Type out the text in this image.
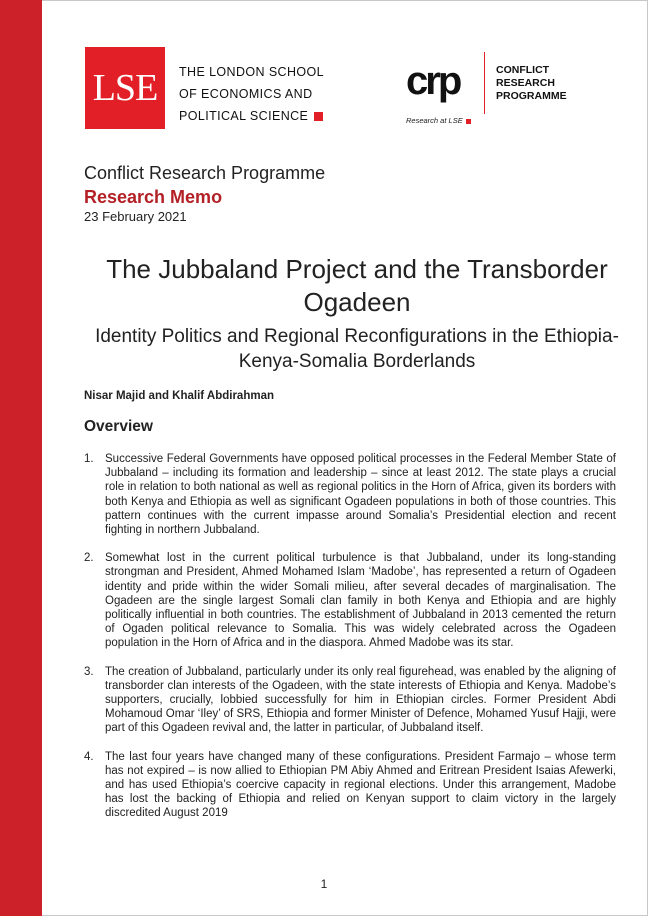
LSE THE LONDON SCHOOL
OF ECONOMICS AND
POLITICAL SCIENCE
crp	CONFLICT
RESEARCH
PROGRAMME
Research at LSE
Conflict Research Programme
Research Memo
23 February 2021
The Jubbaland Project and the Transborder Ogadeen
Identity Politics and Regional Reconfigurations in the Ethiopia-Kenya-Somalia Borderlands
Nisar Majid and Khalif Abdirahman
Overview
1. Successive Federal Governments have opposed political processes in the Federal Member State of Jubbaland – including its formation and leadership – since at least 2012. The state plays a crucial role in relation to both national as well as regional politics in the Horn of Africa, given its borders with both Kenya and Ethiopia as well as significant Ogadeen populations in both of those countries. This pattern continues with the current impasse around Somalia’s Presidential election and recent fighting in northern Jubbaland.
2. Somewhat lost in the current political turbulence is that Jubbaland, under its long-standing strongman and President, Ahmed Mohamed Islam ‘Madobe’, has represented a return of Ogadeen identity and pride within the wider Somali milieu, after several decades of marginalisation. The Ogadeen are the single largest Somali clan family in both Kenya and Ethiopia and are highly politically influential in both countries. The establishment of Jubbaland in 2013 cemented the return of Ogaden political relevance to Somalia. This was widely celebrated across the Ogadeen population in the Horn of Africa and in the diaspora. Ahmed Madobe was its star.
3. The creation of Jubbaland, particularly under its only real figurehead, was enabled by the aligning of transborder clan interests of the Ogadeen, with the state interests of Ethiopia and Kenya. Madobe’s supporters, crucially, lobbied successfully for him in Ethiopian circles. Former President Abdi Mohamoud Omar ‘Iley’ of SRS, Ethiopia and former Minister of Defence, Mohamed Yusuf Hajji, were part of this Ogadeen revival and, the latter in particular, of Jubbaland itself.
4. The last four years have changed many of these configurations. President Farmajo – whose term has not expired – is now allied to Ethiopian PM Abiy Ahmed and Eritrean President Isaias Afewerki, and has used Ethiopia’s coercive capacity in regional elections. Under this arrangement, Madobe has lost the backing of Ethiopia and relied on Kenyan support to claim victory in the largely discredited August 2019
1
